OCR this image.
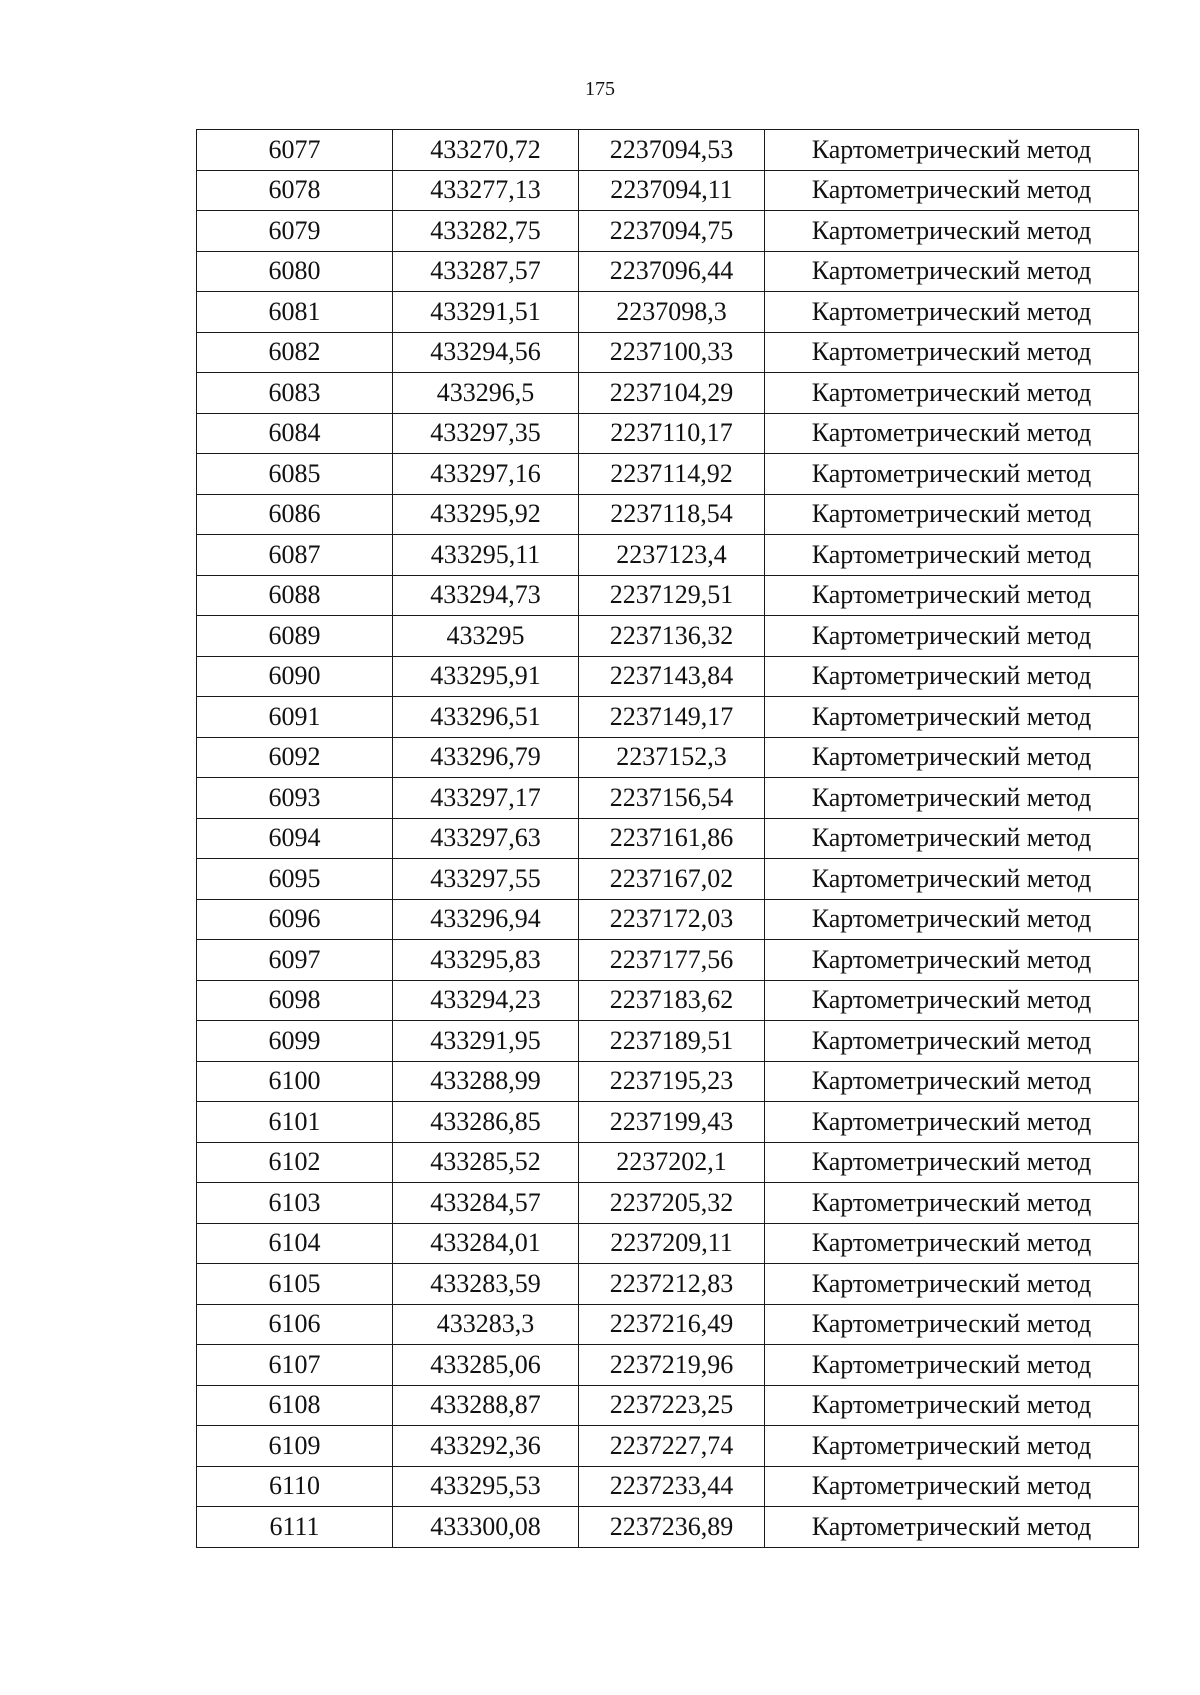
175
6077	433270,72	2237094,53	Картометрический метод
6078	433277,13	2237094,11	Картометрический метод
6079	433282,75	2237094,75	Картометрический метод
6080	433287,57	2237096,44	Картометрический метод
6081	433291,51	2237098,3	Картометрический метод
6082	433294,56	2237100,33	Картометрический метод
6083	433296,5	2237104,29	Картометрический метод
6084	433297,35	2237110,17	Картометрический метод
6085	433297,16	2237114,92	Картометрический метод
6086	433295,92	2237118,54	Картометрический метод
6087	433295,11	2237123,4	Картометрический метод
6088	433294,73	2237129,51	Картометрический метод
6089	433295	2237136,32	Картометрический метод
6090	433295,91	2237143,84	Картометрический метод
6091	433296,51	2237149,17	Картометрический метод
6092	433296,79	2237152,3	Картометрический метод
6093	433297,17	2237156,54	Картометрический метод
6094	433297,63	2237161,86	Картометрический метод
6095	433297,55	2237167,02	Картометрический метод
6096	433296,94	2237172,03	Картометрический метод
6097	433295,83	2237177,56	Картометрический метод
6098	433294,23	2237183,62	Картометрический метод
6099	433291,95	2237189,51	Картометрический метод
6100	433288,99	2237195,23	Картометрический метод
6101	433286,85	2237199,43	Картометрический метод
6102	433285,52	2237202,1	Картометрический метод
6103	433284,57	2237205,32	Картометрический метод
6104	433284,01	2237209,11	Картометрический метод
6105	433283,59	2237212,83	Картометрический метод
6106	433283,3	2237216,49	Картометрический метод
6107	433285,06	2237219,96	Картометрический метод
6108	433288,87	2237223,25	Картометрический метод
6109	433292,36	2237227,74	Картометрический метод
6110	433295,53	2237233,44	Картометрический метод
6111	433300,08	2237236,89	Картометрический метод
